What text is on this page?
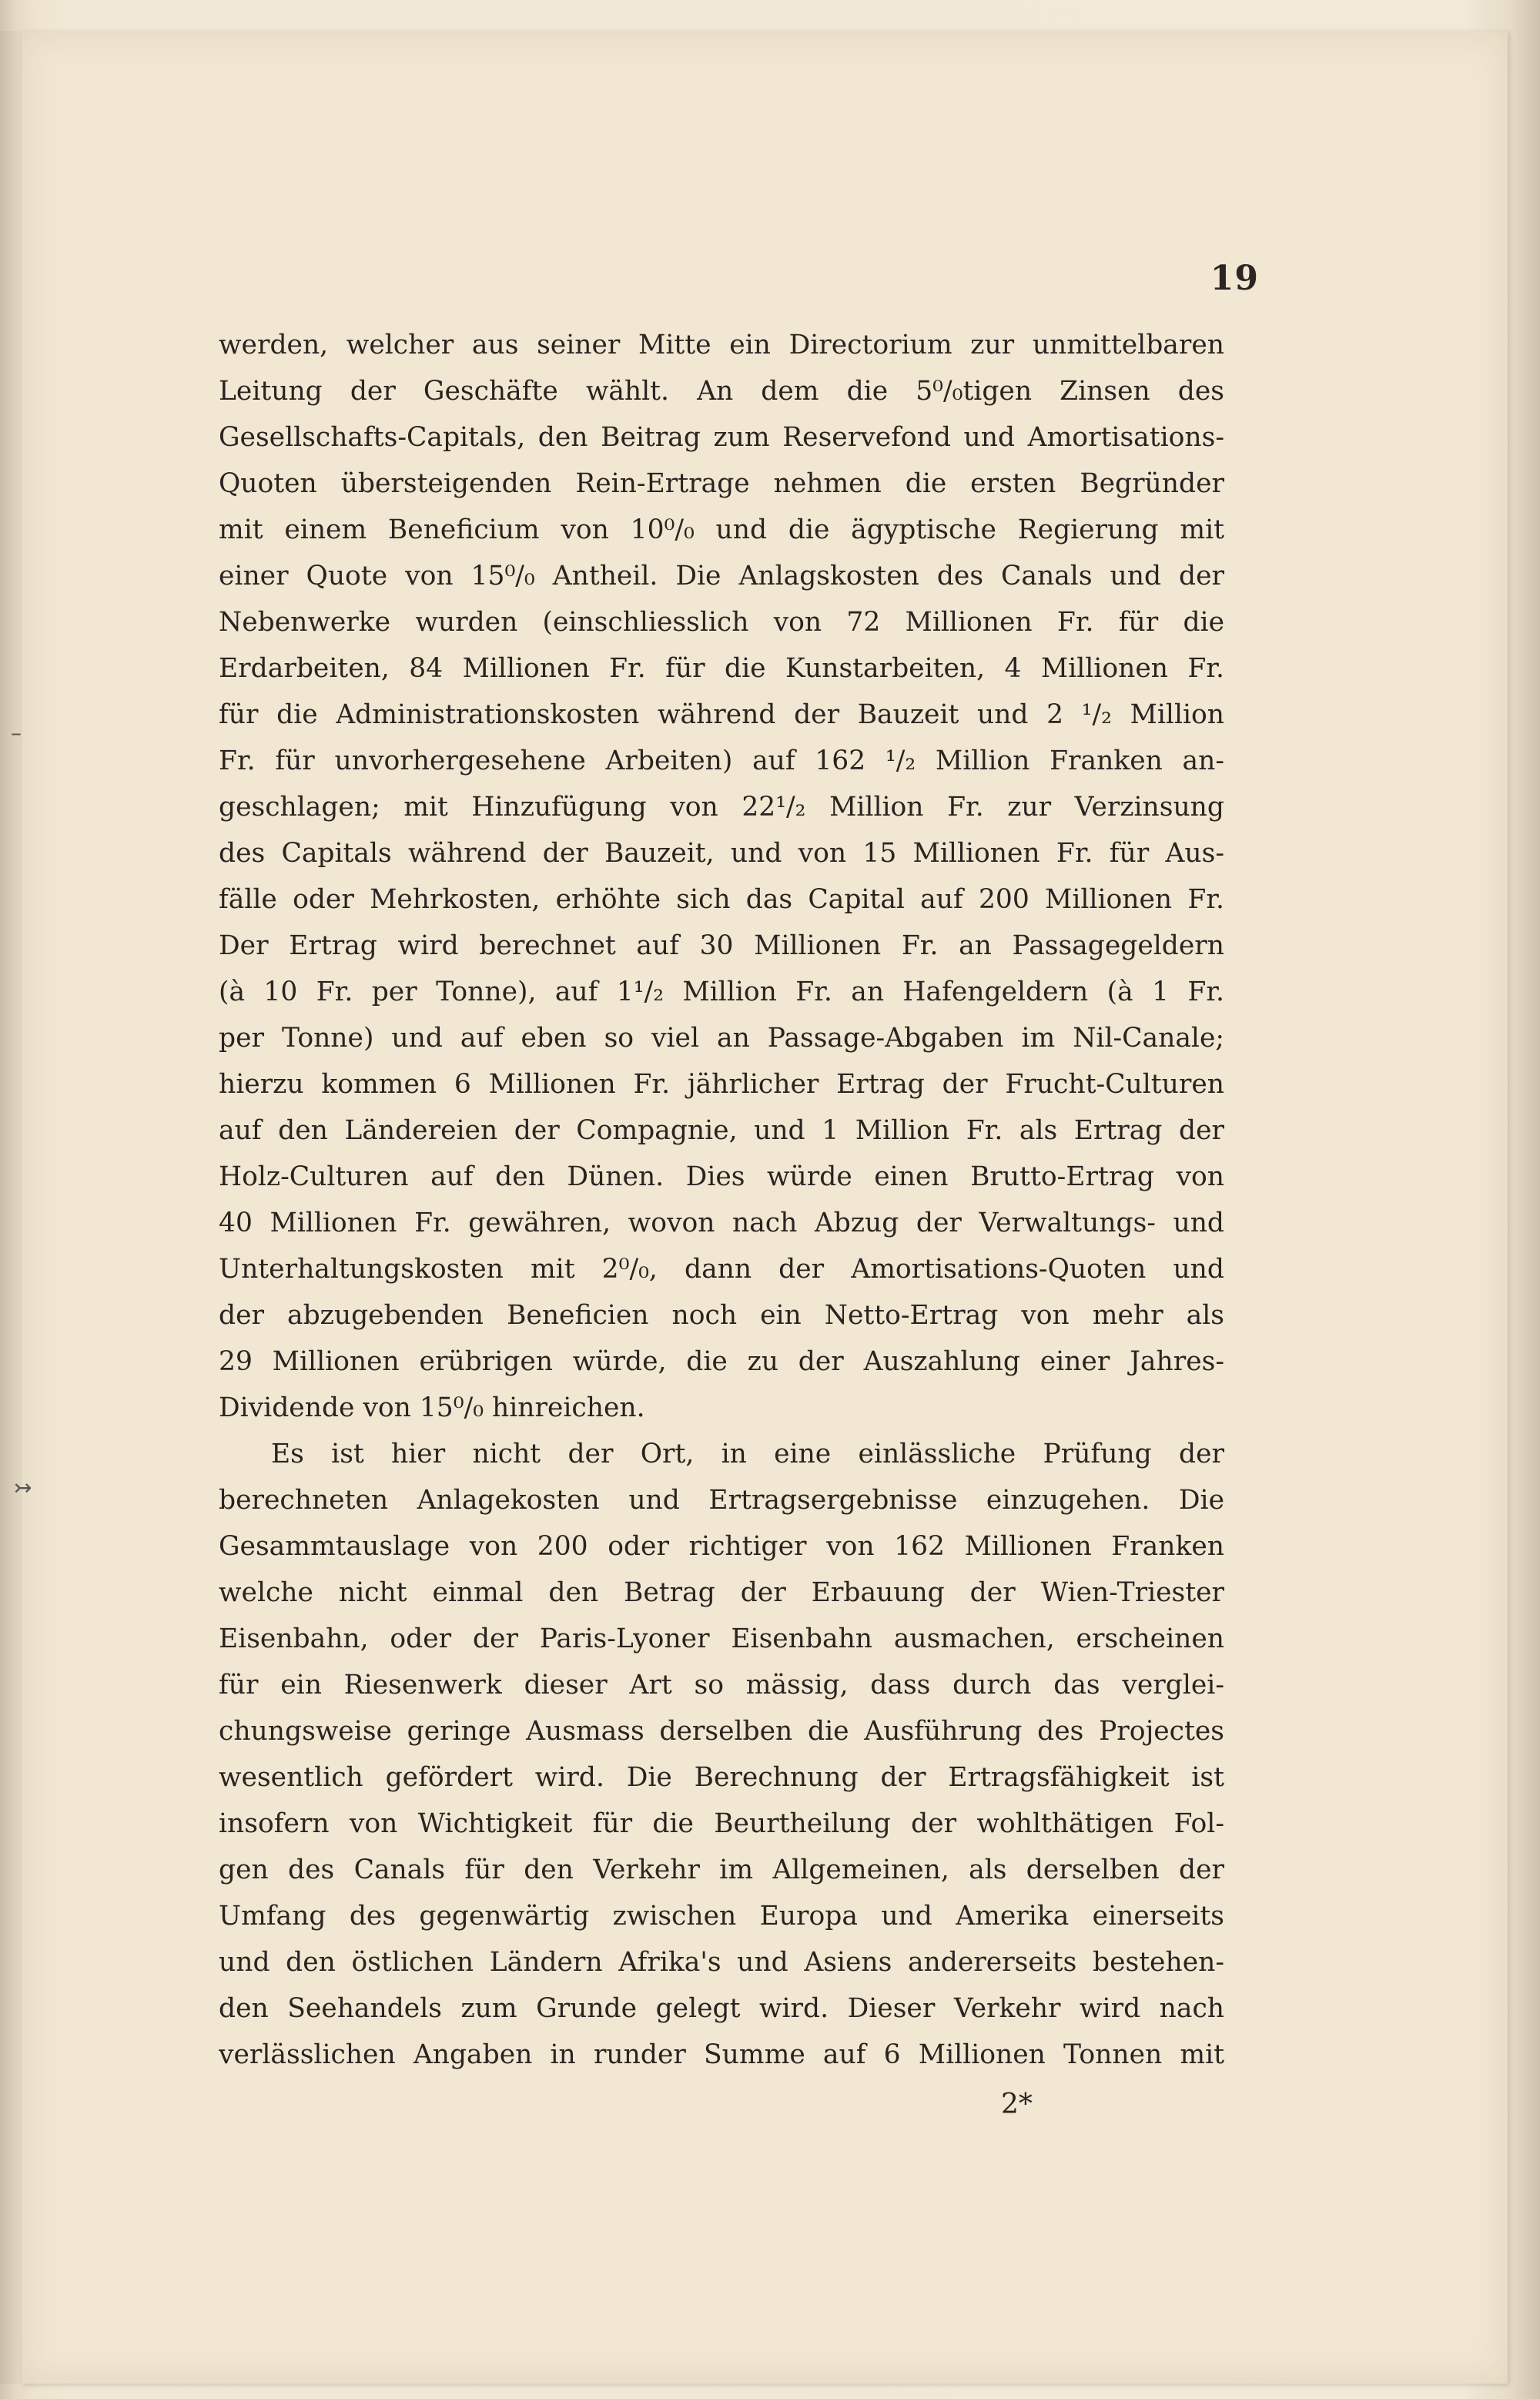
–
↣
19
werden, welcher aus seiner Mitte ein Directorium zur unmittelbaren
Leitung der Geschäfte wählt. An dem die 5⁰/₀tigen Zinsen des
Gesellschafts-Capitals, den Beitrag zum Reservefond und Amortisations-
Quoten übersteigenden Rein-Ertrage nehmen die ersten Begründer
mit einem Beneficium von 10⁰/₀ und die ägyptische Regierung mit
einer Quote von 15⁰/₀ Antheil. Die Anlagskosten des Canals und der
Nebenwerke wurden (einschliesslich von 72 Millionen Fr. für die
Erdarbeiten, 84 Millionen Fr. für die Kunstarbeiten, 4 Millionen Fr.
für die Administrationskosten während der Bauzeit und 2 ¹/₂ Million
Fr. für unvorhergesehene Arbeiten) auf 162 ¹/₂ Million Franken an-
geschlagen; mit Hinzufügung von 22¹/₂ Million Fr. zur Verzinsung
des Capitals während der Bauzeit, und von 15 Millionen Fr. für Aus-
fälle oder Mehrkosten, erhöhte sich das Capital auf 200 Millionen Fr.
Der Ertrag wird berechnet auf 30 Millionen Fr. an Passagegeldern
(à 10 Fr. per Tonne), auf 1¹/₂ Million Fr. an Hafengeldern (à 1 Fr.
per Tonne) und auf eben so viel an Passage-Abgaben im Nil-Canale;
hierzu kommen 6 Millionen Fr. jährlicher Ertrag der Frucht-Culturen
auf den Ländereien der Compagnie, und 1 Million Fr. als Ertrag der
Holz-Culturen auf den Dünen. Dies würde einen Brutto-Ertrag von
40 Millionen Fr. gewähren, wovon nach Abzug der Verwaltungs- und
Unterhaltungskosten mit 2⁰/₀, dann der Amortisations-Quoten und
der abzugebenden Beneficien noch ein Netto-Ertrag von mehr als
29 Millionen erübrigen würde, die zu der Auszahlung einer Jahres-
Dividende von 15⁰/₀ hinreichen.
Es ist hier nicht der Ort, in eine einlässliche Prüfung der
berechneten Anlagekosten und Ertragsergebnisse einzugehen. Die
Gesammtauslage von 200 oder richtiger von 162 Millionen Franken
welche nicht einmal den Betrag der Erbauung der Wien-Triester
Eisenbahn, oder der Paris-Lyoner Eisenbahn ausmachen, erscheinen
für ein Riesenwerk dieser Art so mässig, dass durch das verglei-
chungsweise geringe Ausmass derselben die Ausführung des Projectes
wesentlich gefördert wird. Die Berechnung der Ertragsfähigkeit ist
insofern von Wichtigkeit für die Beurtheilung der wohlthätigen Fol-
gen des Canals für den Verkehr im Allgemeinen, als derselben der
Umfang des gegenwärtig zwischen Europa und Amerika einerseits
und den östlichen Ländern Afrika's und Asiens andererseits bestehen-
den Seehandels zum Grunde gelegt wird. Dieser Verkehr wird nach
verlässlichen Angaben in runder Summe auf 6 Millionen Tonnen mit
2*
